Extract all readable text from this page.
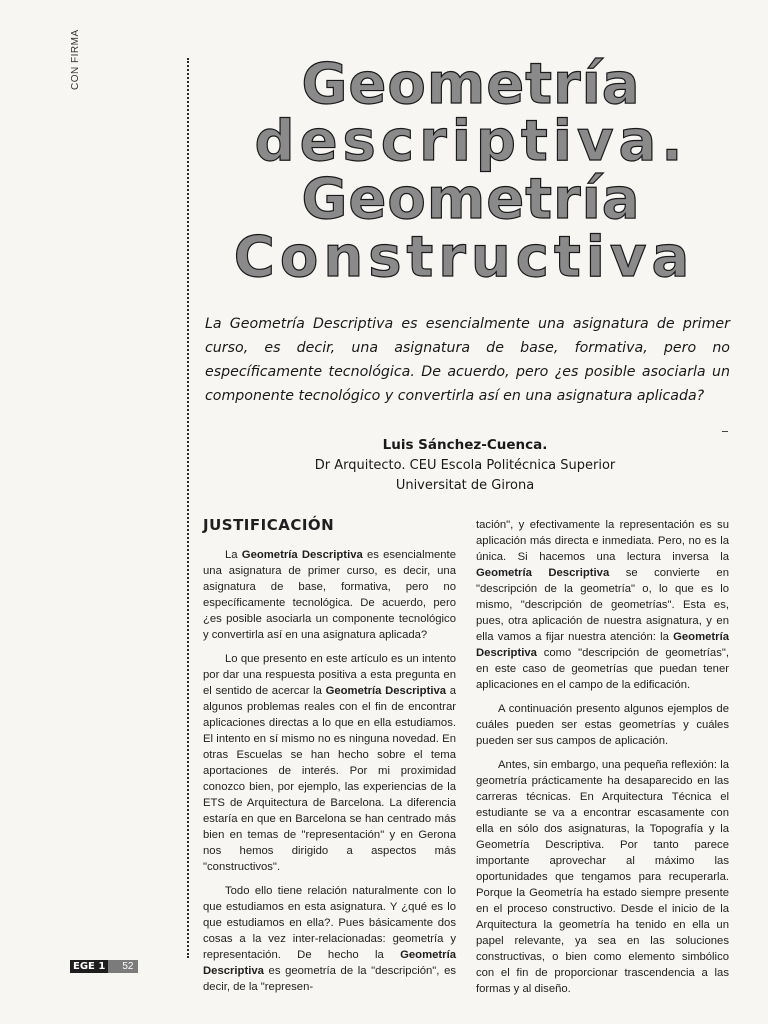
CON FIRMA	Geometría
descriptiva.
Geometría
Constructiva
La Geometría Descriptiva es esencialmente una asignatura de primer curso, es decir, una asignatura de base, formativa, pero no específicamente tecnológica. De acuerdo, pero ¿es posible asociarla un componente tecnológico y convertirla así en una asignatura aplicada?
Luis Sánchez-Cuenca.
Dr Arquitecto. CEU Escola Politécnica Superior
Universitat de Girona
JUSTIFICACIÓN

La Geometría Descriptiva es esencialmente una asignatura de primer curso, es decir, una asignatura de base, formativa, pero no específicamente tecnológica. De acuerdo, pero ¿es posible asociarla un componente tecnológico y convertirla así en una asignatura aplicada?

Lo que presento en este artículo es un intento por dar una respuesta positiva a esta pregunta en el sentido de acercar la Geometría Descriptiva a algunos problemas reales con el fin de encontrar aplicaciones directas a lo que en ella estudiamos. El intento en sí mismo no es ninguna novedad. En otras Escuelas se han hecho sobre el tema aportaciones de interés. Por mi proximidad conozco bien, por ejemplo, las experiencias de la ETS de Arquitectura de Barcelona. La diferencia estaría en que en Barcelona se han centrado más bien en temas de "representación" y en Gerona nos hemos dirigido a aspectos más "constructivos".

Todo ello tiene relación naturalmente con lo que estudiamos en esta asignatura. Y ¿qué es lo que estudiamos en ella?. Pues básicamente dos cosas a la vez inter-relacionadas: geometría y representación. De hecho la Geometría Descriptiva es geometría de la "descripción", es decir, de la "represen-

tación", y efectivamente la representación es su aplicación más directa e inmediata. Pero, no es la única. Si hacemos una lectura inversa la Geometría Descriptiva se convierte en "descripción de la geometría" o, lo que es lo mismo, "descripción de geometrías". Esta es, pues, otra aplicación de nuestra asignatura, y en ella vamos a fijar nuestra atención: la Geometría Descriptiva como "descripción de geometrías", en este caso de geometrías que puedan tener aplicaciones en el campo de la edificación.

A continuación presento algunos ejemplos de cuáles pueden ser estas geometrías y cuáles pueden ser sus campos de aplicación.

Antes, sin embargo, una pequeña reflexión: la geometría prácticamente ha desaparecido en las carreras técnicas. En Arquitectura Técnica el estudiante se va a encontrar escasamente con ella en sólo dos asignaturas, la Topografía y la Geometría Descriptiva. Por tanto parece importante aprovechar al máximo las oportunidades que tengamos para recuperarla. Porque la Geometría ha estado siempre presente en el proceso constructivo. Desde el inicio de la Arquitectura la geometría ha tenido en ella un papel relevante, ya sea en las soluciones constructivas, o bien como elemento simbólico con el fin de proporcionar trascendencia a las formas y al diseño.

EGE 1	52
